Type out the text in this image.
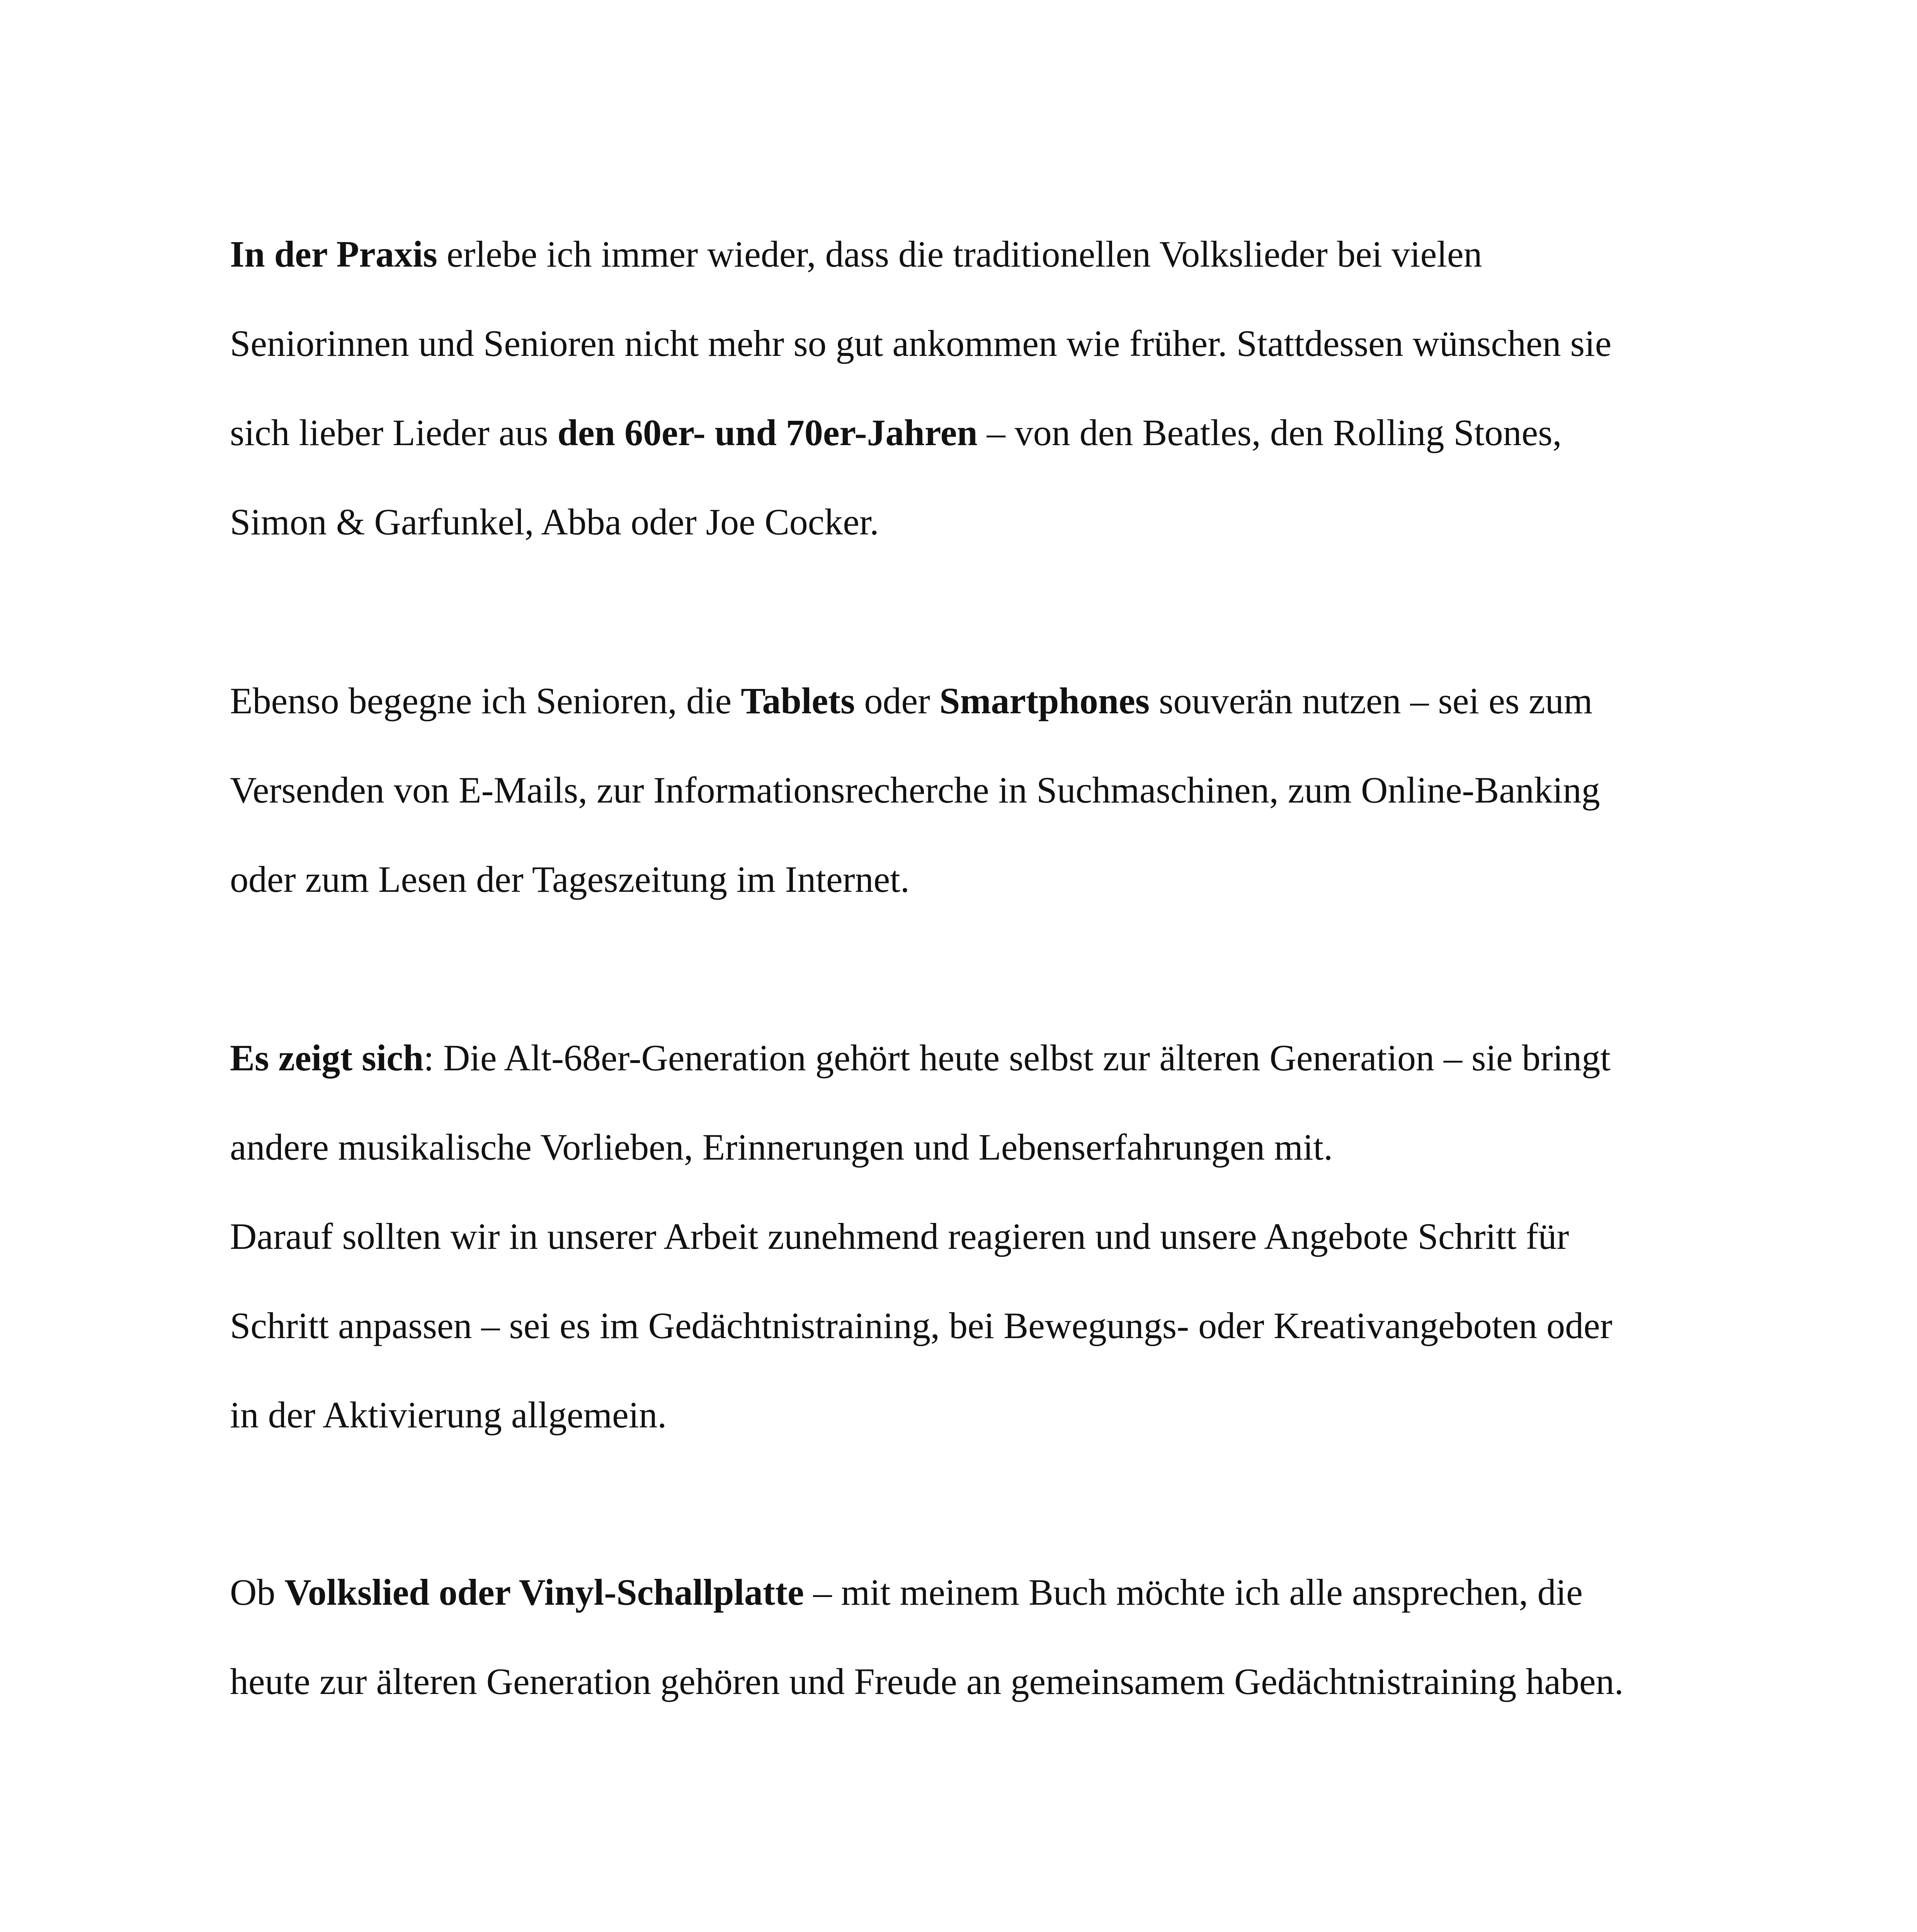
In der Praxis erlebe ich immer wieder, dass die traditionellen Volkslieder bei vielen
Seniorinnen und Senioren nicht mehr so gut ankommen wie früher. Stattdessen wünschen sie
sich lieber Lieder aus den 60er- und 70er-Jahren – von den Beatles, den Rolling Stones,
Simon & Garfunkel, Abba oder Joe Cocker.
Ebenso begegne ich Senioren, die Tablets oder Smartphones souverän nutzen – sei es zum
Versenden von E-Mails, zur Informationsrecherche in Suchmaschinen, zum Online-Banking
oder zum Lesen der Tageszeitung im Internet.
Es zeigt sich: Die Alt-68er-Generation gehört heute selbst zur älteren Generation – sie bringt
andere musikalische Vorlieben, Erinnerungen und Lebenserfahrungen mit.
Darauf sollten wir in unserer Arbeit zunehmend reagieren und unsere Angebote Schritt für
Schritt anpassen – sei es im Gedächtnistraining, bei Bewegungs- oder Kreativangeboten oder
in der Aktivierung allgemein.
Ob Volkslied oder Vinyl-Schallplatte – mit meinem Buch möchte ich alle ansprechen, die
heute zur älteren Generation gehören und Freude an gemeinsamem Gedächtnistraining haben.
